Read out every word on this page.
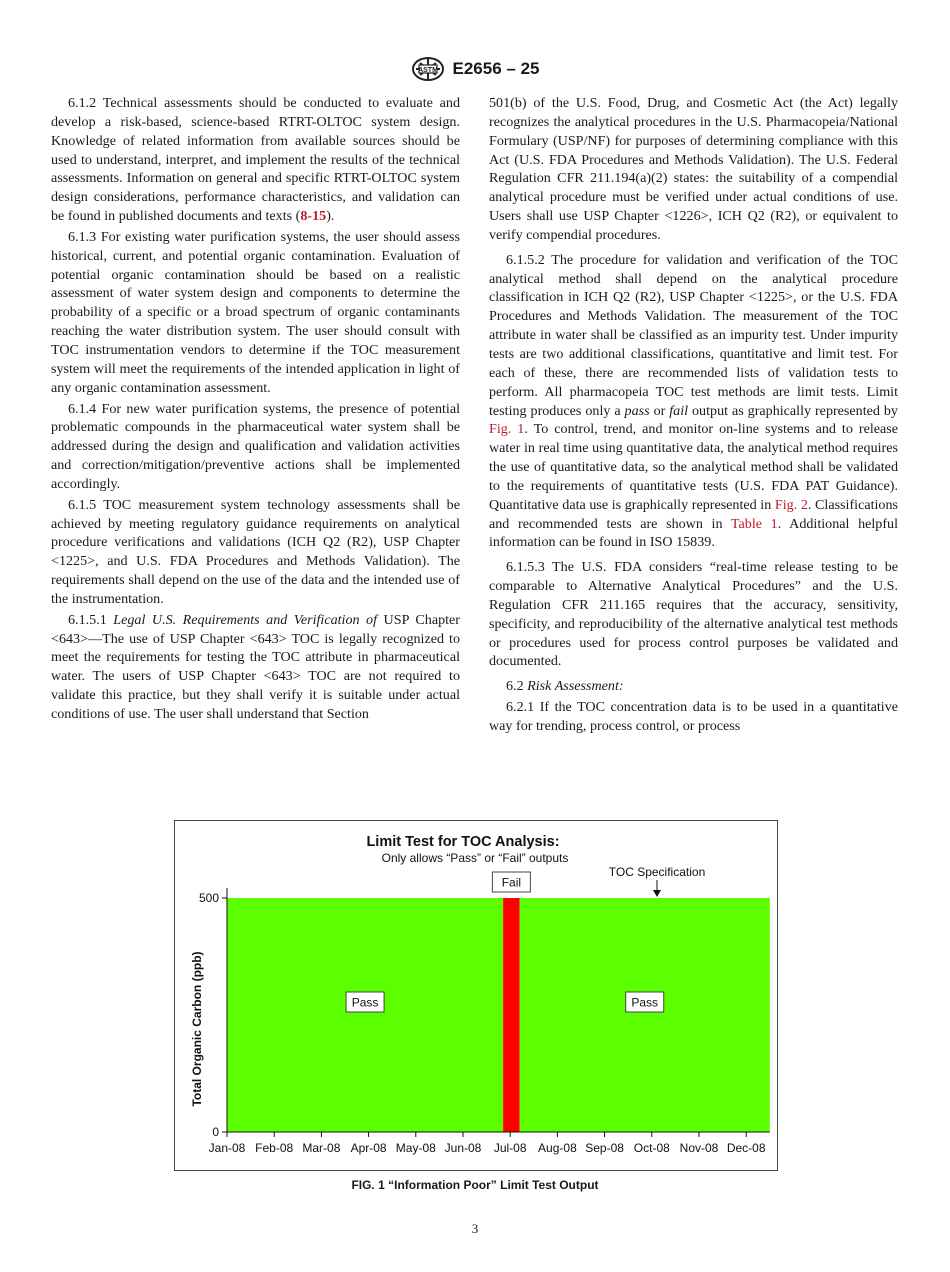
ASTM E2656 – 25

6.1.2 Technical assessments should be conducted to evaluate and develop a risk-based, science-based RTRT-OLTOC system design. Knowledge of related information from available sources should be used to understand, interpret, and implement the results of the technical assessments. Information on general and specific RTRT-OLTOC system design considerations, performance characteristics, and validation can be found in published documents and texts (8-15).

6.1.3 For existing water purification systems, the user should assess historical, current, and potential organic contamination. Evaluation of potential organic contamination should be based on a realistic assessment of water system design and components to determine the probability of a specific or a broad spectrum of organic contaminants reaching the water distribution system. The user should consult with TOC instrumentation vendors to determine if the TOC measurement system will meet the requirements of the intended application in light of any organic contamination assessment.

6.1.4 For new water purification systems, the presence of potential problematic compounds in the pharmaceutical water system shall be addressed during the design and qualification and validation activities and correction/mitigation/preventive actions shall be implemented accordingly.

6.1.5 TOC measurement system technology assessments shall be achieved by meeting regulatory guidance requirements on analytical procedure verifications and validations (ICH Q2 (R2), USP Chapter <1225>, and U.S. FDA Procedures and Methods Validation). The requirements shall depend on the use of the data and the intended use of the instrumentation.

6.1.5.1 Legal U.S. Requirements and Verification of USP Chapter <643>—The use of USP Chapter <643> TOC is legally recognized to meet the requirements for testing the TOC attribute in pharmaceutical water. The users of USP Chapter <643> TOC are not required to validate this practice, but they shall verify it is suitable under actual conditions of use. The user shall understand that Section

501(b) of the U.S. Food, Drug, and Cosmetic Act (the Act) legally recognizes the analytical procedures in the U.S. Pharmacopeia/National Formulary (USP/NF) for purposes of determining compliance with this Act (U.S. FDA Procedures and Methods Validation). The U.S. Federal Regulation CFR 211.194(a)(2) states: the suitability of a compendial analytical procedure must be verified under actual conditions of use. Users shall use USP Chapter <1226>, ICH Q2 (R2), or equivalent to verify compendial procedures.

6.1.5.2 The procedure for validation and verification of the TOC analytical method shall depend on the analytical procedure classification in ICH Q2 (R2), USP Chapter <1225>, or the U.S. FDA Procedures and Methods Validation. The measurement of the TOC attribute in water shall be classified as an impurity test. Under impurity tests are two additional classifications, quantitative and limit test. For each of these, there are recommended lists of validation tests to perform. All pharmacopeia TOC test methods are limit tests. Limit testing produces only a pass or fail output as graphically represented by Fig. 1. To control, trend, and monitor on-line systems and to release water in real time using quantitative data, the analytical method requires the use of quantitative data, so the analytical method shall be validated to the requirements of quantitative tests (U.S. FDA PAT Guidance). Quantitative data use is graphically represented in Fig. 2. Classifications and recommended tests are shown in Table 1. Additional helpful information can be found in ISO 15839.

6.1.5.3 The U.S. FDA considers “real-time release testing to be comparable to Alternative Analytical Procedures” and the U.S. Regulation CFR 211.165 requires that the accuracy, sensitivity, specificity, and reproducibility of the alternative analytical test methods or procedures used for process control purposes be validated and documented.

6.2 Risk Assessment:

6.2.1 If the TOC concentration data is to be used in a quantitative way for trending, process control, or process

Limit Test for TOC Analysis:
Only allows “Pass” or “Fail” outputs
Total Organic Carbon (ppb)	Pass
Fail
Pass
500
0
Jan-08 Feb-08 Mar-08 Apr-08 May-08 Jun-08 Jul-08 Aug-08 Sep-08 Oct-08 Nov-08 Dec-08
TOC Specification
FIG. 1 “Information Poor” Limit Test Output
3
